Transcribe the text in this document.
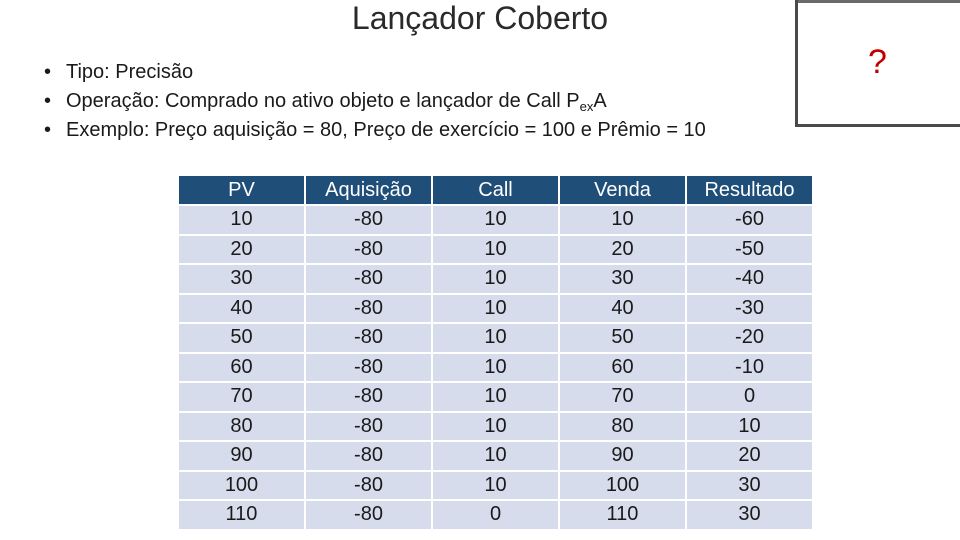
Lançador Coberto
• Tipo: Precisão
• Operação: Comprado no ativo objeto e lançador de Call $P_{ex}A$
• Exemplo: Preço aquisição = 80, Preço de exercício = 100 e Prêmio = 10
?
PV	Aquisição	Call	Venda	Resultado
10	-80	10	10	-60
20	-80	10	20	-50
30	-80	10	30	-40
40	-80	10	40	-30
50	-80	10	50	-20
60	-80	10	60	-10
70	-80	10	70	0
80	-80	10	80	10
90	-80	10	90	20
100	-80	10	100	30
110	-80	0	110	30
